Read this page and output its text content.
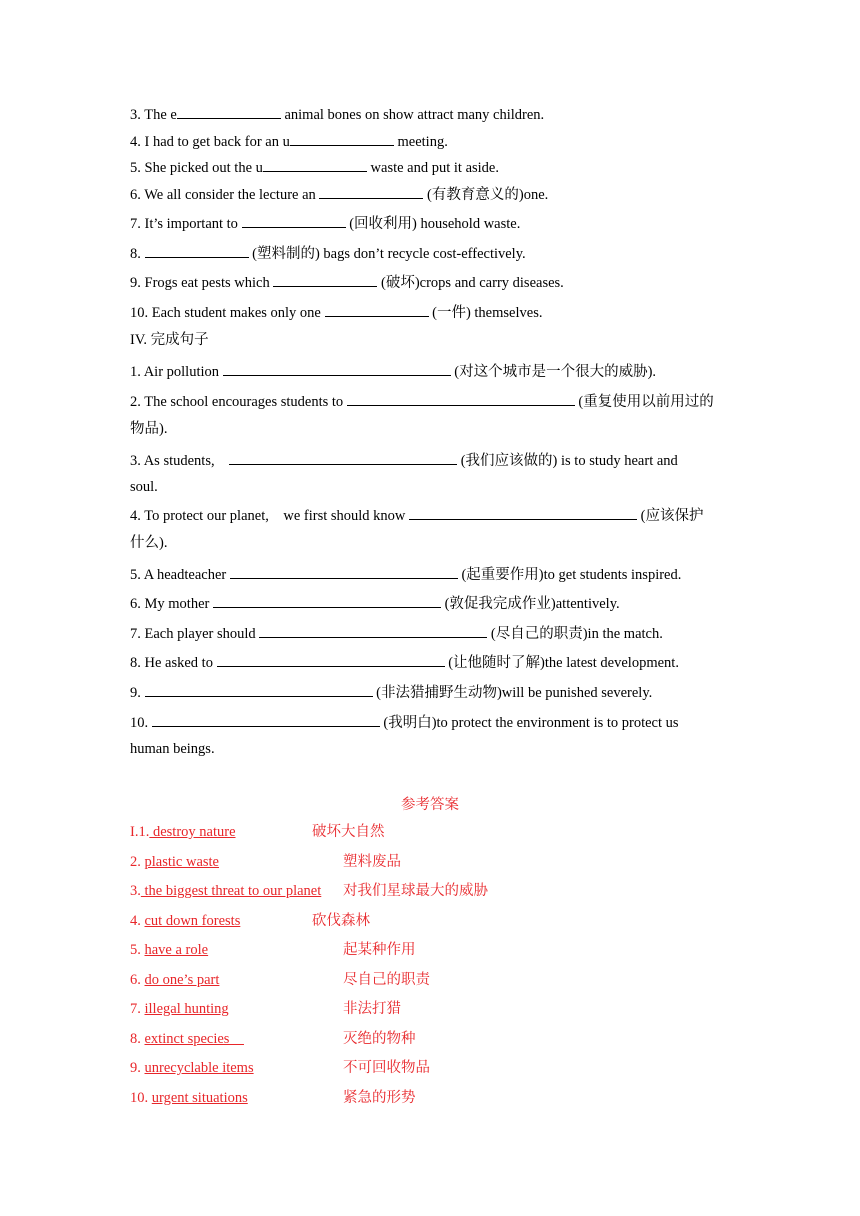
3. The e	animal bones on show attract many children.
4. I had to get back for an u	meeting.
5. She picked out the u	waste and put it aside.
6. We all consider the lecture an	(有教育意义的)one.
7. It’s important to	(回收利用) household waste.
8.	(塑料制的) bags don’t recycle cost-effectively.
9. Frogs eat pests which	(破坏)crops and carry diseases.
10. Each student makes only one	(一件) themselves.
IV. 完成句子
1. Air pollution	(对这个城市是一个很大的威胁).
2. The school encourages students to	(重复使用以前用过的
物品).
3. As students,	(我们应该做的) is to study heart and
soul.
4. To protect our planet,    we first should know	(应该保护
什么).
5. A headteacher	(起重要作用)to get students inspired.
6. My mother	(敦促我完成作业)attentively.
7. Each player should	(尽自己的职责)in the match.
8. He asked to	(让他随时了解)the latest development.
9.	(非法猎捕野生动物)will be punished severely.
10.	(我明白)to protect the environment is to protect us
human beings.
参考答案
I.1. destroy nature	破坏大自然
2. plastic waste	塑料废品
3. the biggest threat to our planet 对我们星球最大的威胁
4. cut down forests	砍伐森林
5. have a role	起某种作用
6. do one’s part	尽自己的职责
7. illegal hunting	非法打猎
8. extinct species	灭绝的物种
9. unrecyclable items	不可回收物品
10. urgent situations	紧急的形势
